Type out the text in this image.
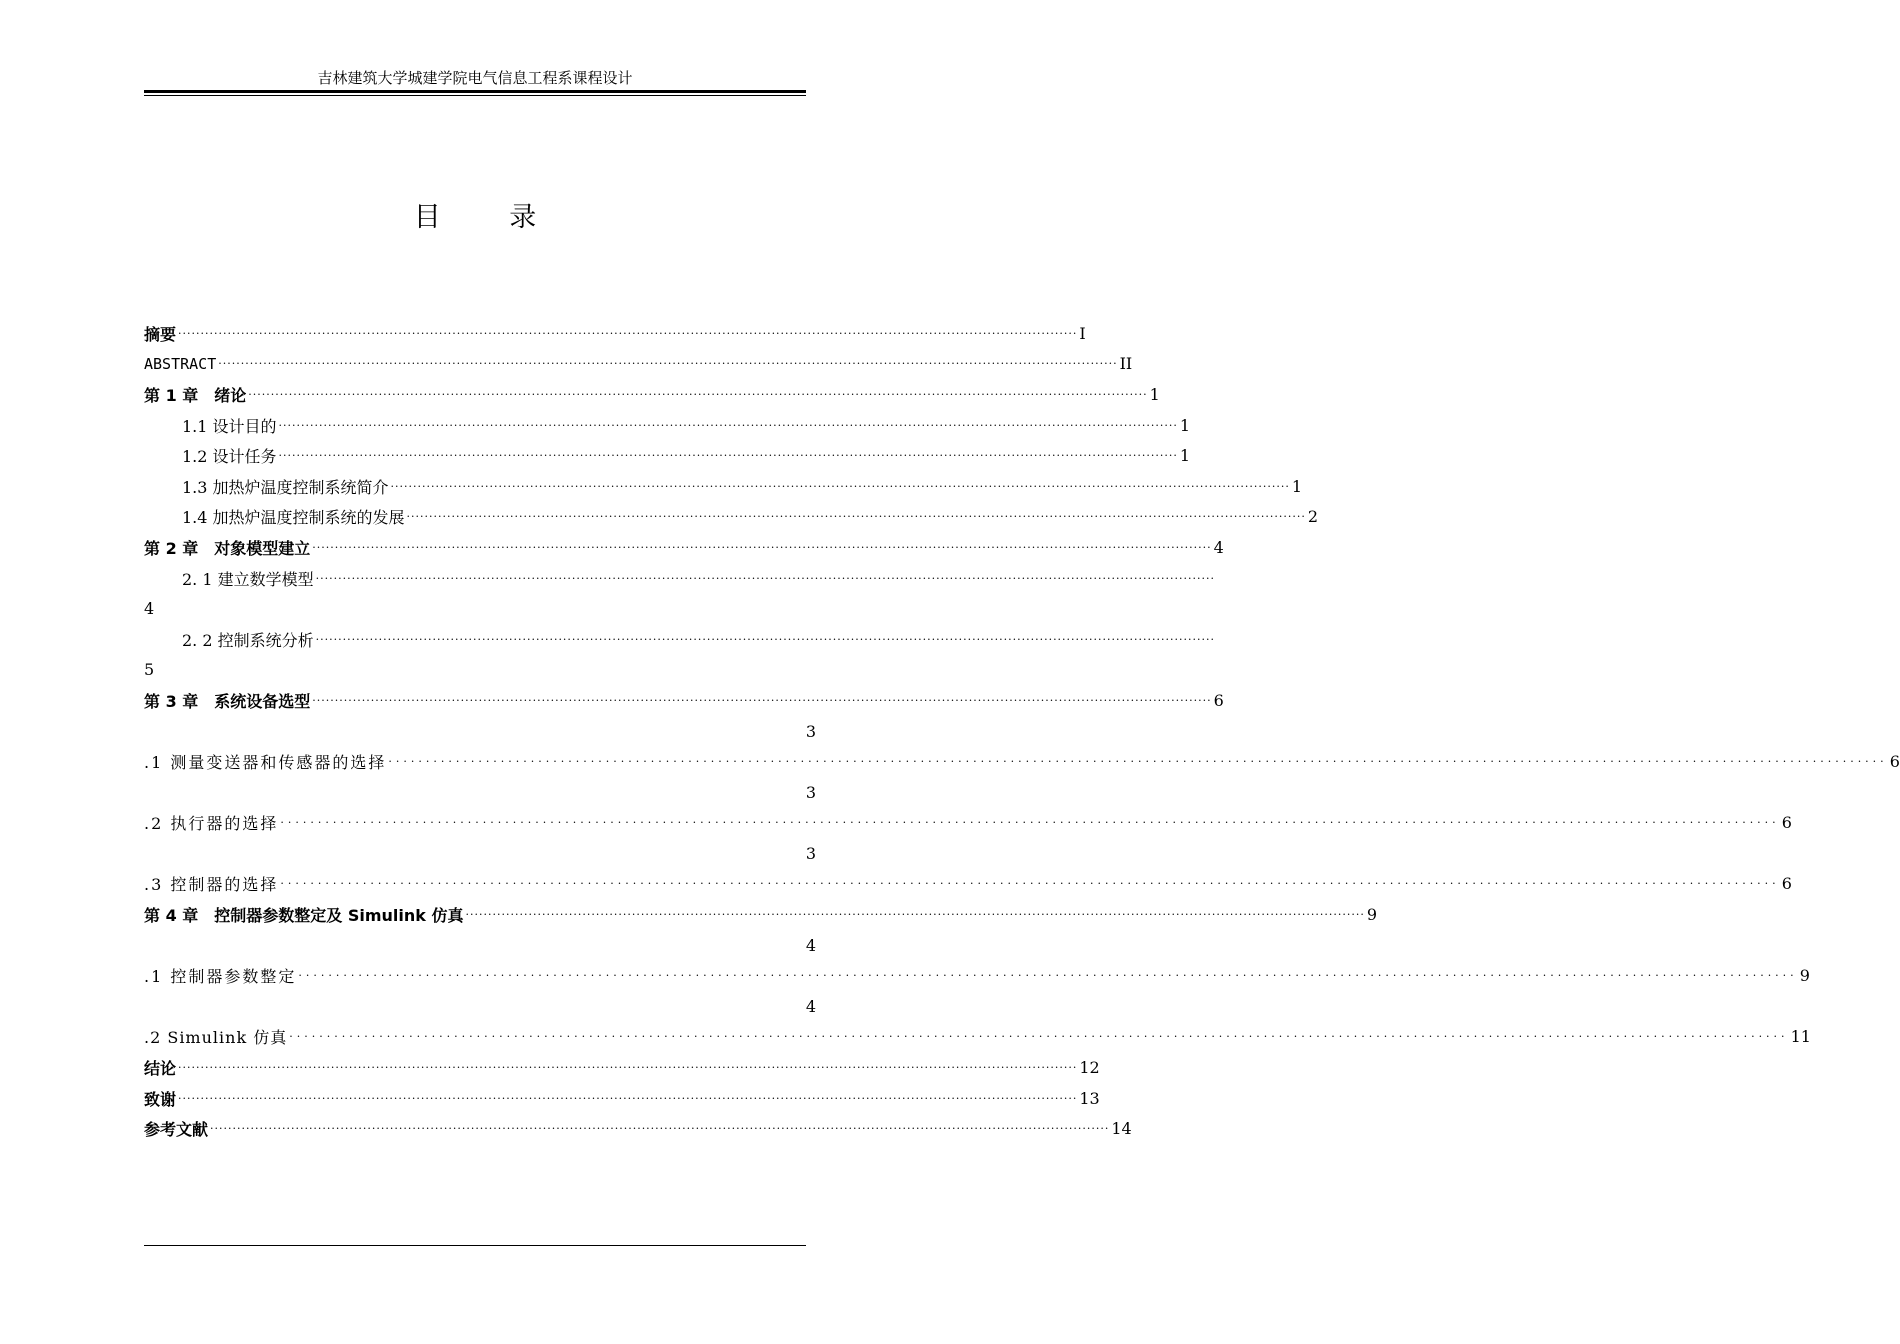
吉林建筑大学城建学院电气信息工程系课程设计
目 录
摘要 ········································································································································································································ I
ABSTRACT ········································································································································································································ II
第 1 章　绪论 ········································································································································································································ 1
1.1 设计目的 ········································································································································································································ 1
1.2 设计任务 ········································································································································································································ 1
1.3 加热炉温度控制系统简介 ········································································································································································································ 1
1.4 加热炉温度控制系统的发展 ········································································································································································································ 2
第 2 章　对象模型建立 ········································································································································································································ 4
2. 1 建立数学模型 ········································································································································································································
4
2. 2 控制系统分析 ········································································································································································································
5
第 3 章　系统设备选型 ········································································································································································································ 6
3
.1 测量变送器和传感器的选择 ········································································································································································································ 6
3
.2 执行器的选择 ········································································································································································································ 6
3
.3 控制器的选择 ········································································································································································································ 6
第 4 章　控制器参数整定及 Simulink 仿真 ········································································································································································································ 9
4
.1 控制器参数整定 ········································································································································································································ 9
4
.2 Simulink 仿真 ········································································································································································································ 11
结论 ········································································································································································································ 12
致谢 ········································································································································································································ 13
参考文献 ········································································································································································································ 14
